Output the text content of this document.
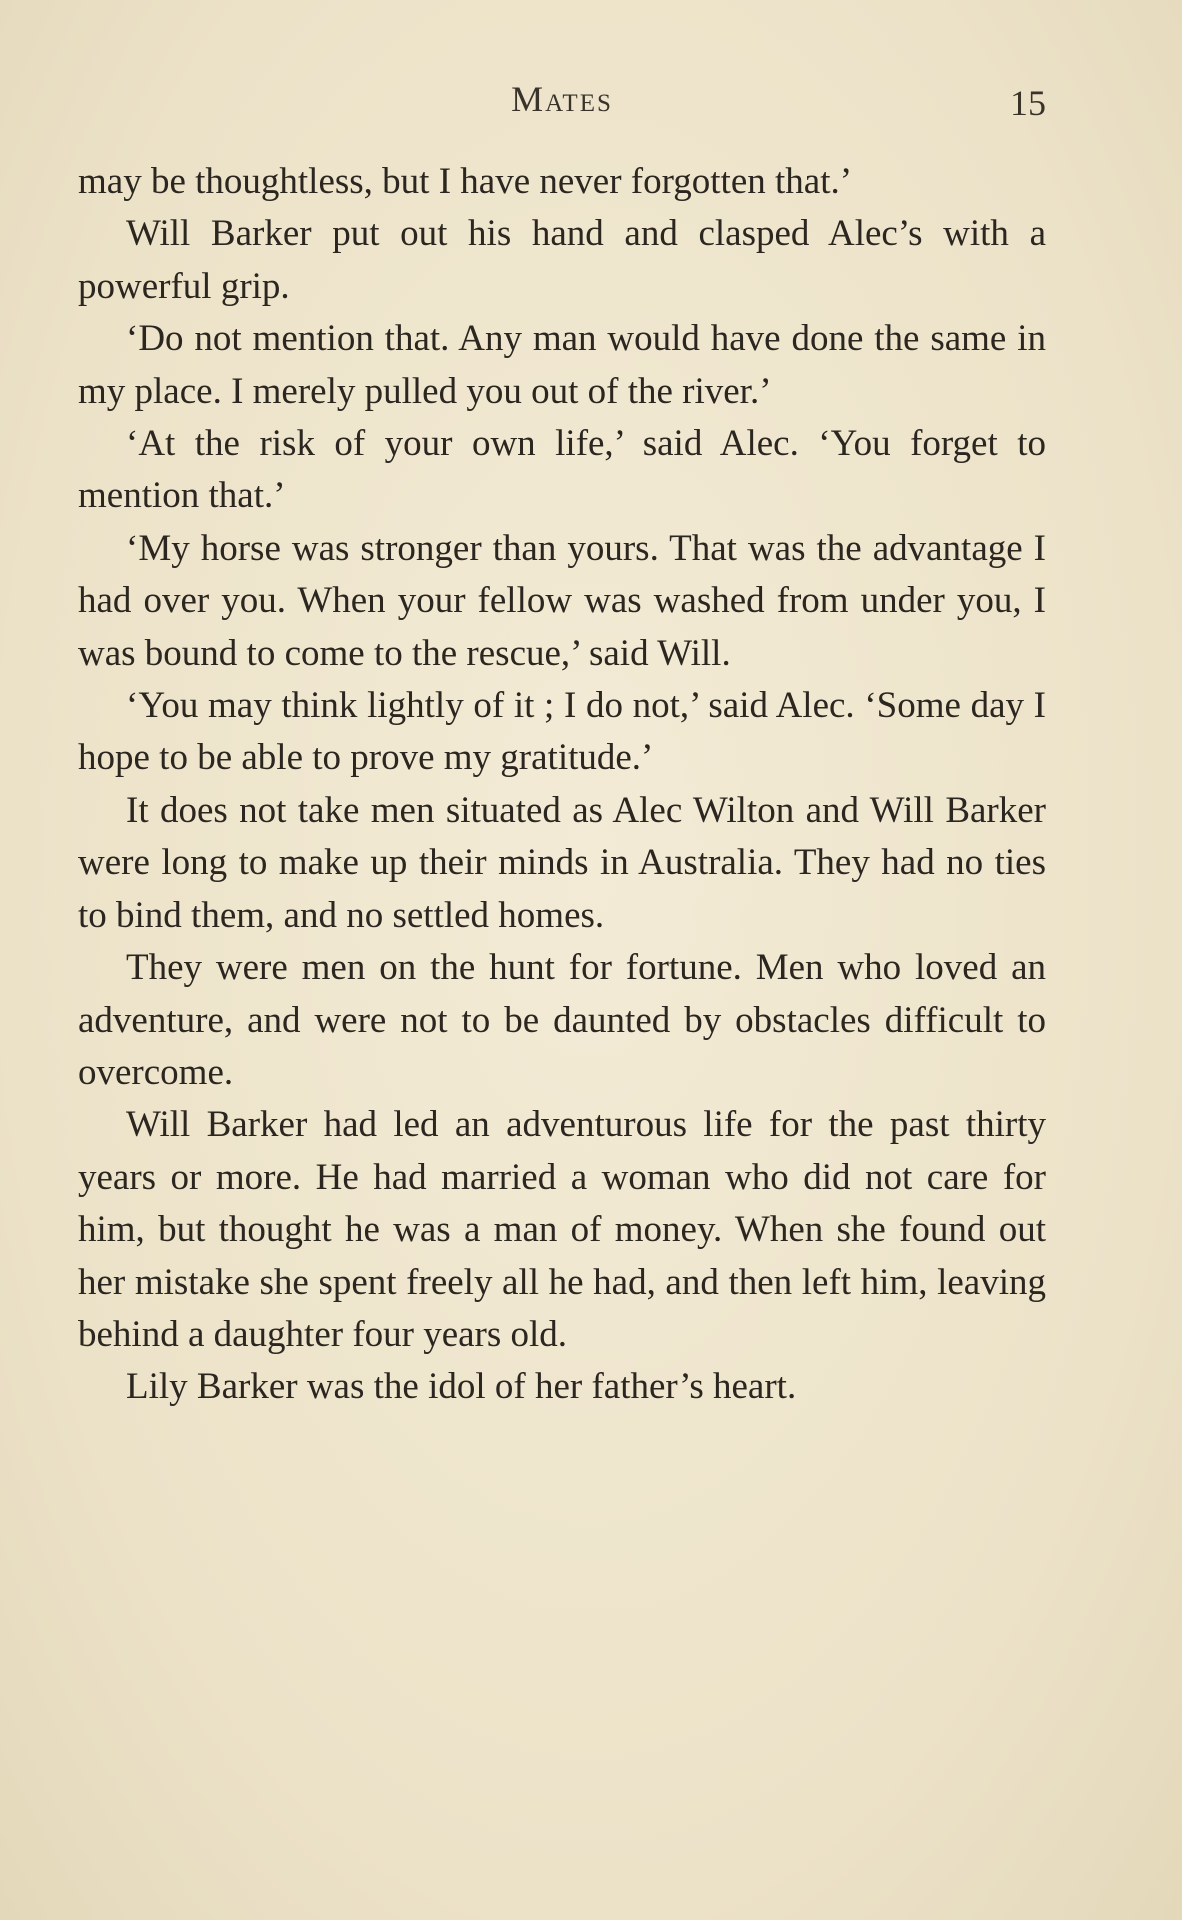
Mates	15

may be thoughtless, but I have never forgotten that.’

Will Barker put out his hand and clasped Alec’s with a powerful grip.

‘Do not mention that. Any man would have done the same in my place. I merely pulled you out of the river.’

‘At the risk of your own life,’ said Alec. ‘You forget to mention that.’

‘My horse was stronger than yours. That was the advantage I had over you. When your fellow was washed from under you, I was bound to come to the rescue,’ said Will.

‘You may think lightly of it ; I do not,’ said Alec. ‘Some day I hope to be able to prove my gratitude.’

It does not take men situated as Alec Wilton and Will Barker were long to make up their minds in Australia. They had no ties to bind them, and no settled homes.

They were men on the hunt for fortune. Men who loved an adventure, and were not to be daunted by obstacles difficult to overcome.

Will Barker had led an adventurous life for the past thirty years or more. He had married a woman who did not care for him, but thought he was a man of money. When she found out her mistake she spent freely all he had, and then left him, leaving behind a daughter four years old.

Lily Barker was the idol of her father’s heart.
